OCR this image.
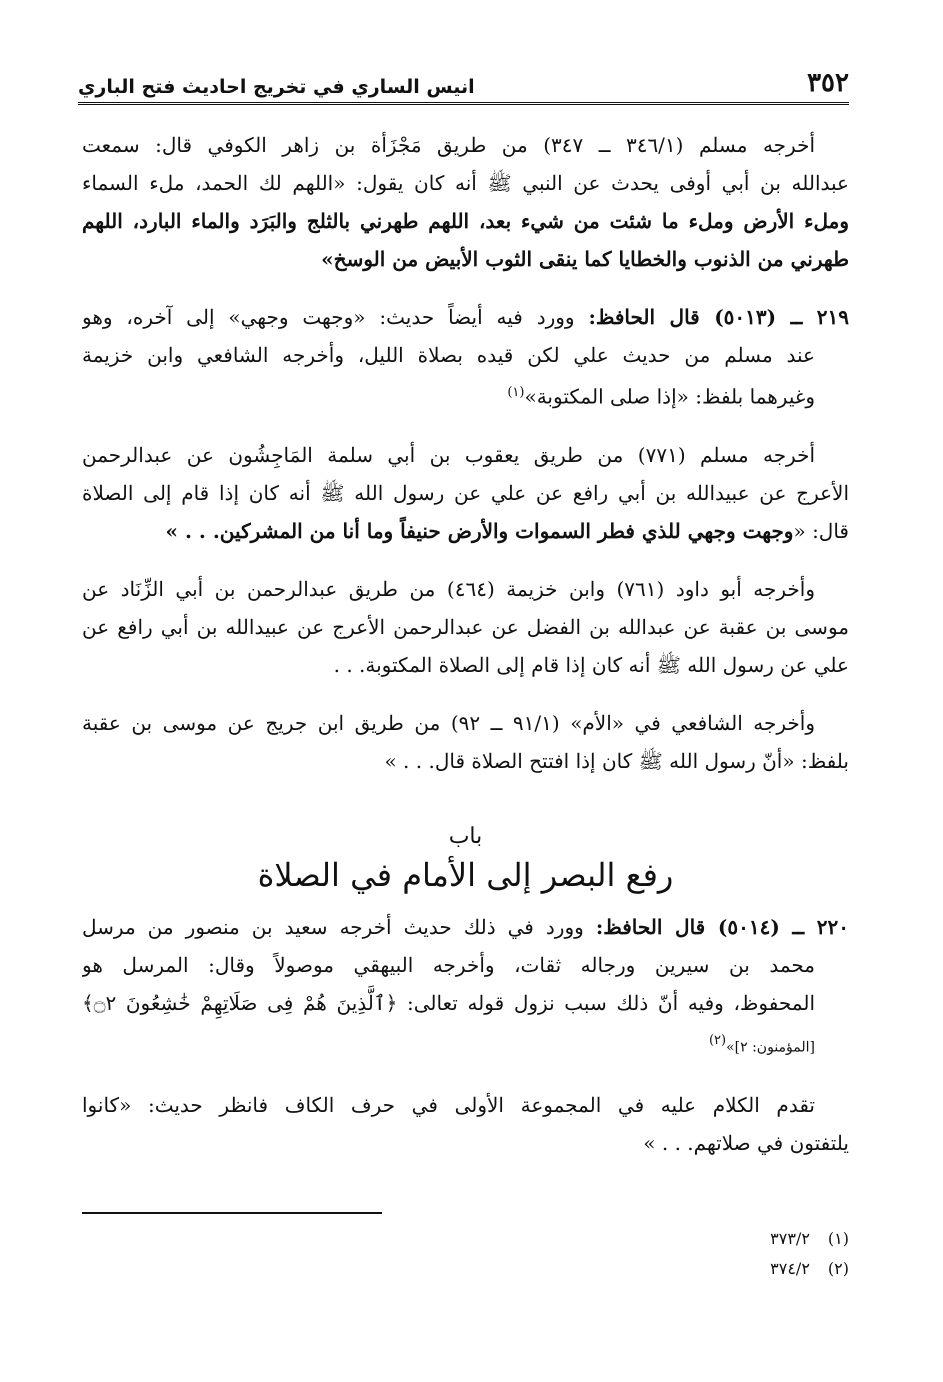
٣٥٢
انيس الساري في تخريج احاديث فتح الباري
أخرجه مسلم (٣٤٦/١ ــ ٣٤٧) من طريق مَجْزَأة بن زاهر الكوفي قال: سمعت
عبدالله بن أبي أوفى يحدث عن النبي ﷺ أنه كان يقول: «اللهم لك الحمد، ملء السماء
وملء الأرض وملء ما شئت من شيء بعد، اللهم طهرني بالثلج والبَرَد والماء البارد، اللهم
طهرني من الذنوب والخطايا كما ينقى الثوب الأبيض من الوسخ»
٢١٩ ــ (٥٠١٣) قال الحافظ: وورد فيه أيضاً حديث: «وجهت وجهي» إلى آخره، وهو
عند مسلم من حديث علي لكن قيده بصلاة الليل، وأخرجه الشافعي وابن خزيمة
وغيرهما بلفظ: «إذا صلى المكتوبة»$^{(١)}$
أخرجه مسلم (٧٧١) من طريق يعقوب بن أبي سلمة المَاجِشُون عن عبدالرحمن
الأعرج عن عبيدالله بن أبي رافع عن علي عن رسول الله ﷺ أنه كان إذا قام إلى الصلاة
قال: «وجهت وجهي للذي فطر السموات والأرض حنيفاً وما أنا من المشركين. . . »
وأخرجه أبو داود (٧٦١) وابن خزيمة (٤٦٤) من طريق عبدالرحمن بن أبي الزِّنَاد عن
موسى بن عقبة عن عبدالله بن الفضل عن عبدالرحمن الأعرج عن عبيدالله بن أبي رافع عن
علي عن رسول الله ﷺ أنه كان إذا قام إلى الصلاة المكتوبة. . .
وأخرجه الشافعي في «الأم» (٩١/١ ــ ٩٢) من طريق ابن جريج عن موسى بن عقبة
بلفظ: «أنّ رسول الله ﷺ كان إذا افتتح الصلاة قال. . . »
باب
رفع البصر إلى الأمام في الصلاة
٢٢٠ ــ (٥٠١٤) قال الحافظ: وورد في ذلك حديث أخرجه سعيد بن منصور من مرسل
محمد بن سيرين ورجاله ثقات، وأخرجه البيهقي موصولاً وقال: المرسل هو
المحفوظ، وفيه أنّ ذلك سبب نزول قوله تعالى: ﴿ٱلَّذِينَ هُمْ فِى صَلَاتِهِمْ خَٰشِعُونَ ۝٢﴾
[المؤمنون: ٢]»$^{(٢)}$
تقدم الكلام عليه في المجموعة الأولى في حرف الكاف فانظر حديث: «كانوا
يلتفتون في صلاتهم. . . »
(١)
٣٧٣/٢
(٢)
٣٧٤/٢
